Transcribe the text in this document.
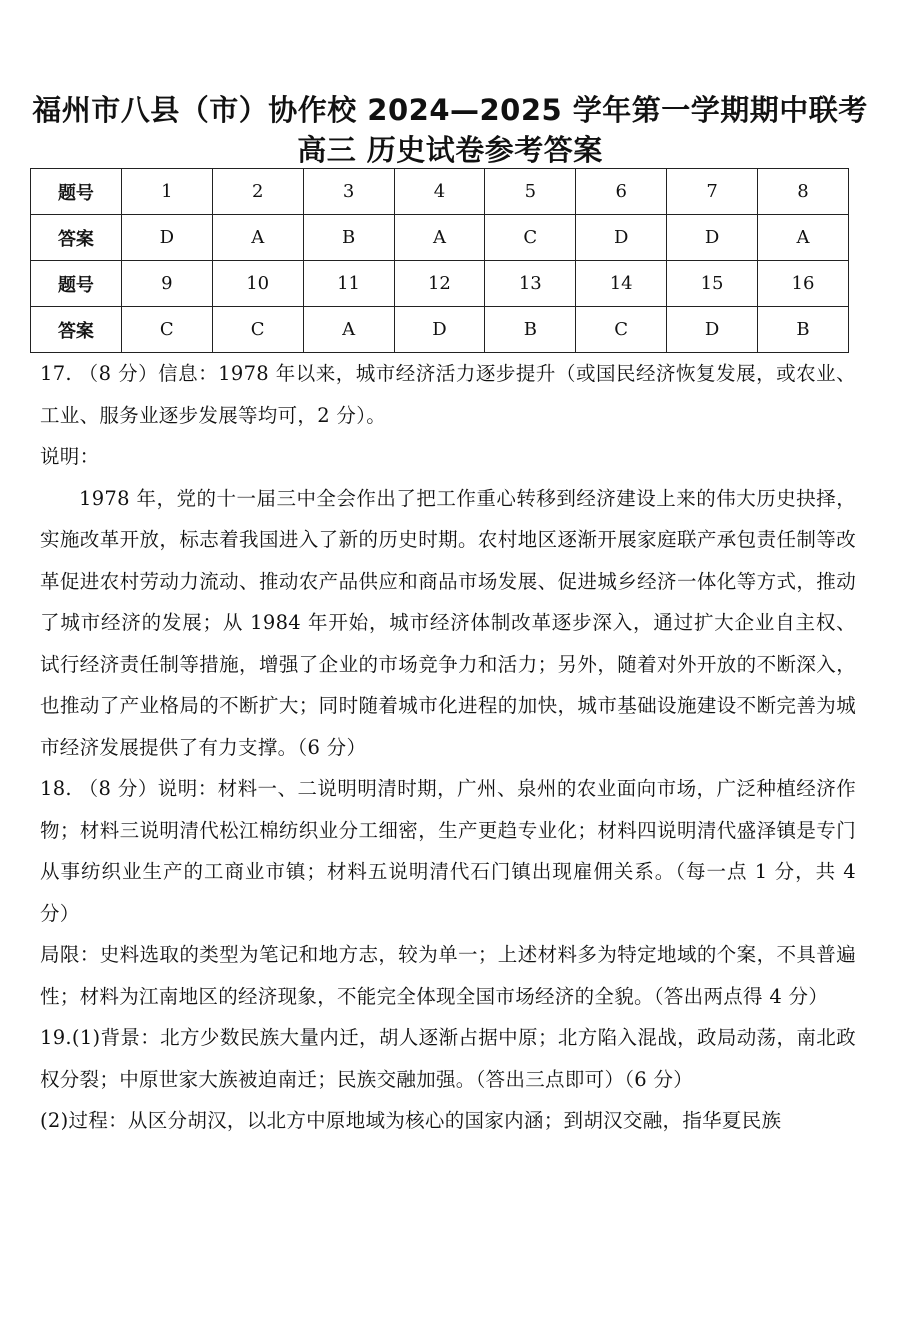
福州市八县（市）协作校 2024—2025 学年第一学期期中联考
高三 历史试卷参考答案
题号	1	2	3	4	5	6	7	8
答案	D	A	B	A	C	D	D	A
题号	9	10	11	12	13	14	15	16
答案	C	C	A	D	B	C	D	B

17. （8 分）信息：1978 年以来，城市经济活力逐步提升（或国民经济恢复发展，或农业、工业、服务业逐步发展等均可，2 分）。

说明：

1978 年，党的十一届三中全会作出了把工作重心转移到经济建设上来的伟大历史抉择，实施改革开放，标志着我国进入了新的历史时期。农村地区逐渐开展家庭联产承包责任制等改革促进农村劳动力流动、推动农产品供应和商品市场发展、促进城乡经济一体化等方式，推动了城市经济的发展；从 1984 年开始，城市经济体制改革逐步深入，通过扩大企业自主权、试行经济责任制等措施，增强了企业的市场竞争力和活力；另外，随着对外开放的不断深入，也推动了产业格局的不断扩大；同时随着城市化进程的加快，城市基础设施建设不断完善为城市经济发展提供了有力支撑。（6 分）

18. （8 分）说明：材料一、二说明明清时期，广州、泉州的农业面向市场，广泛种植经济作物；材料三说明清代松江棉纺织业分工细密，生产更趋专业化；材料四说明清代盛泽镇是专门从事纺织业生产的工商业市镇；材料五说明清代石门镇出现雇佣关系。（每一点 1 分，共 4 分）

局限：史料选取的类型为笔记和地方志，较为单一；上述材料多为特定地域的个案，不具普遍性；材料为江南地区的经济现象，不能完全体现全国市场经济的全貌。（答出两点得 4 分）

19.(1)背景：北方少数民族大量内迁，胡人逐渐占据中原；北方陷入混战，政局动荡，南北政权分裂；中原世家大族被迫南迁；民族交融加强。（答出三点即可）（6 分）

(2)过程：从区分胡汉，以北方中原地域为核心的国家内涵；到胡汉交融，指华夏民族
